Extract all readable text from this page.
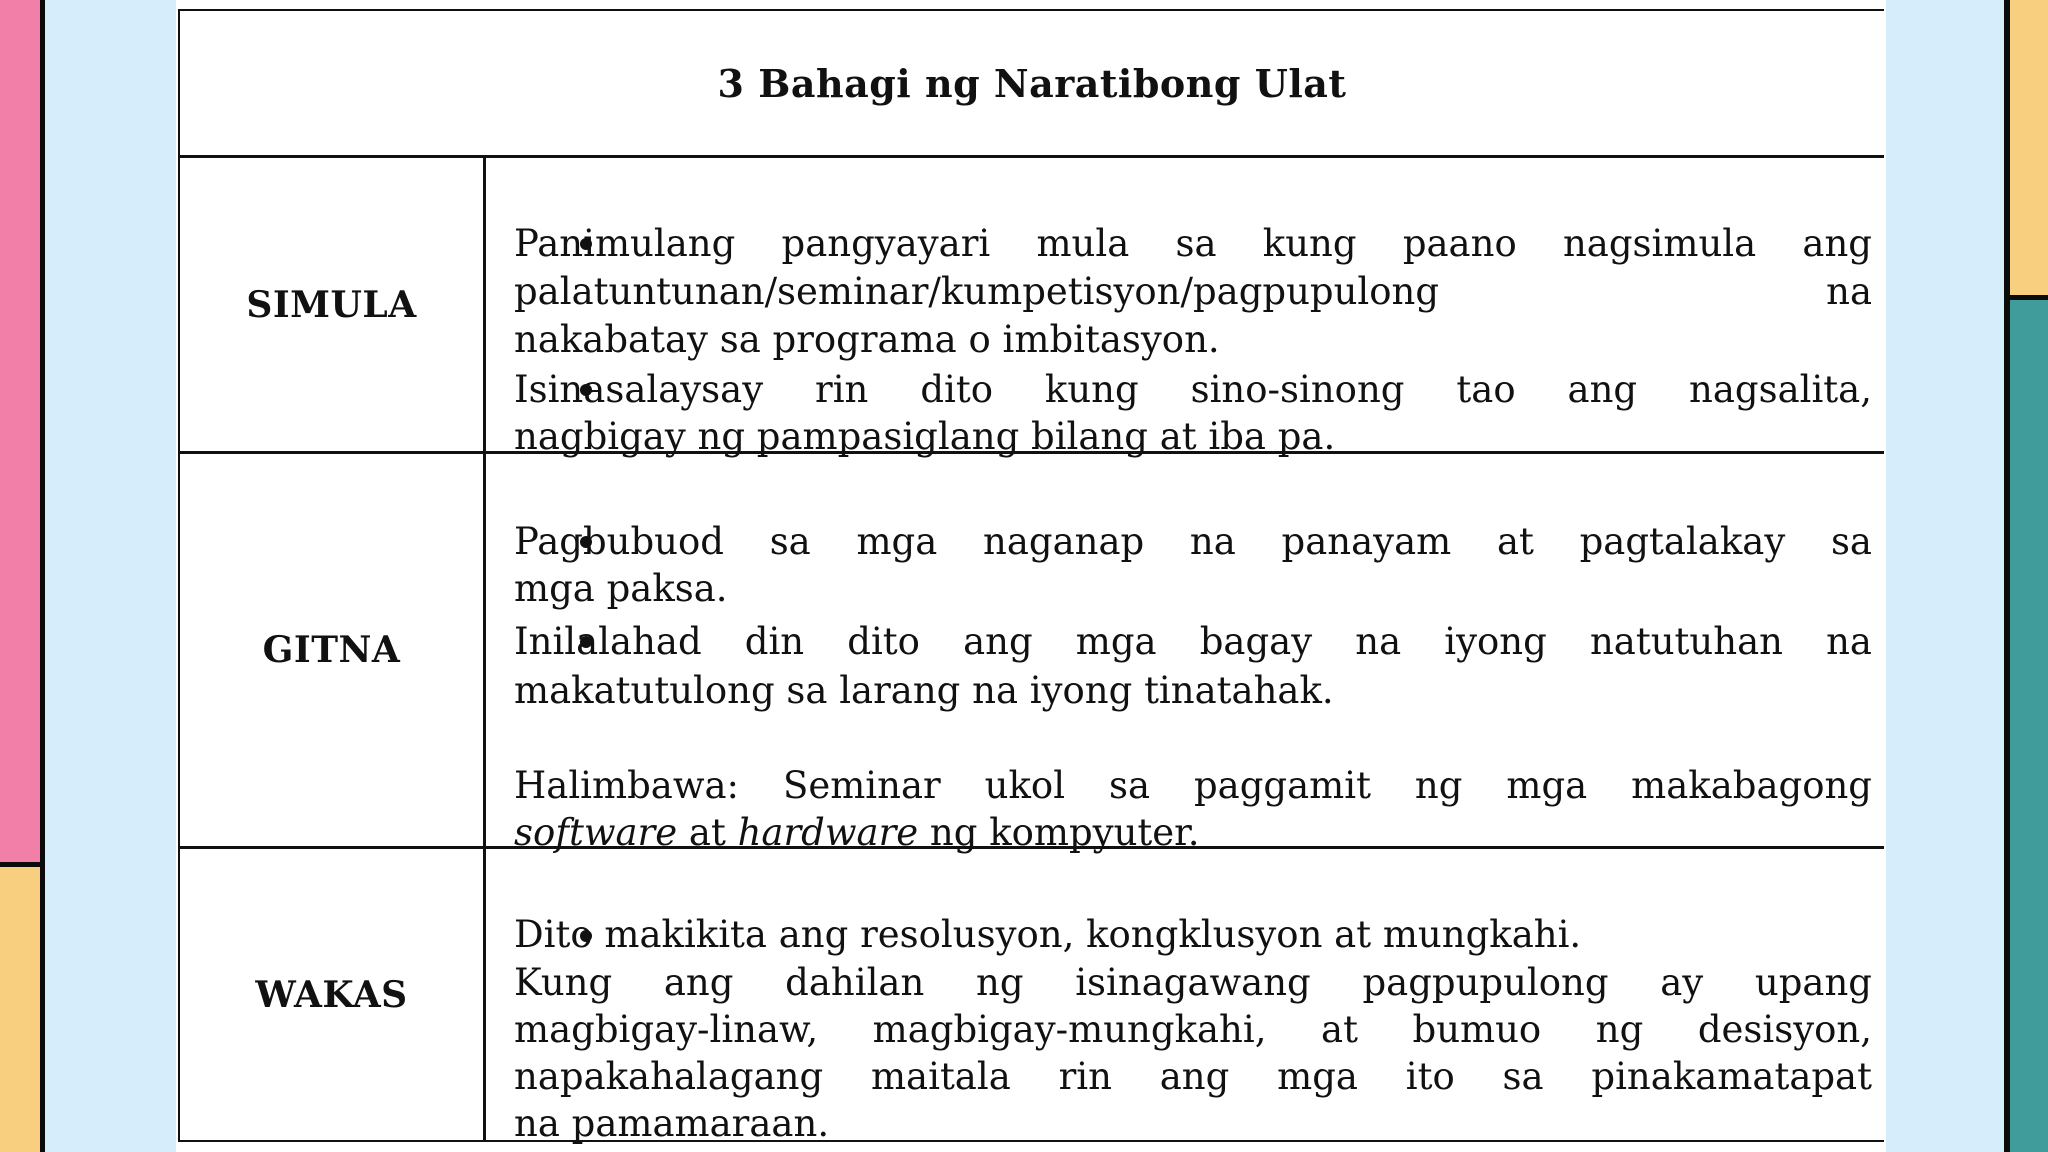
3 Bahagi ng Naratibong Ulat
SIMULA
Panimulang pangyayari mula sa kung paano nagsimula ang
palatuntunan/seminar/kumpetisyon/pagpupulong	na
nakabatay sa programa o imbitasyon.
Isinasalaysay rin dito kung sino-sinong tao ang nagsalita,
nagbigay ng pampasiglang bilang at iba pa.
GITNA
Pagbubuod sa mga naganap na panayam at pagtalakay sa
mga paksa.
Inilalahad din dito ang mga bagay na iyong natutuhan na
makatutulong sa larang na iyong tinatahak.
Halimbawa: Seminar ukol sa paggamit ng mga makabagong
software at hardware ng kompyuter.
WAKAS
Dito makikita ang resolusyon, kongklusyon at mungkahi.
Kung ang dahilan ng isinagawang pagpupulong ay upang
magbigay-linaw, magbigay-mungkahi, at bumuo ng desisyon,
napakahalagang maitala rin ang mga ito sa pinakamatapat
na pamamaraan.
